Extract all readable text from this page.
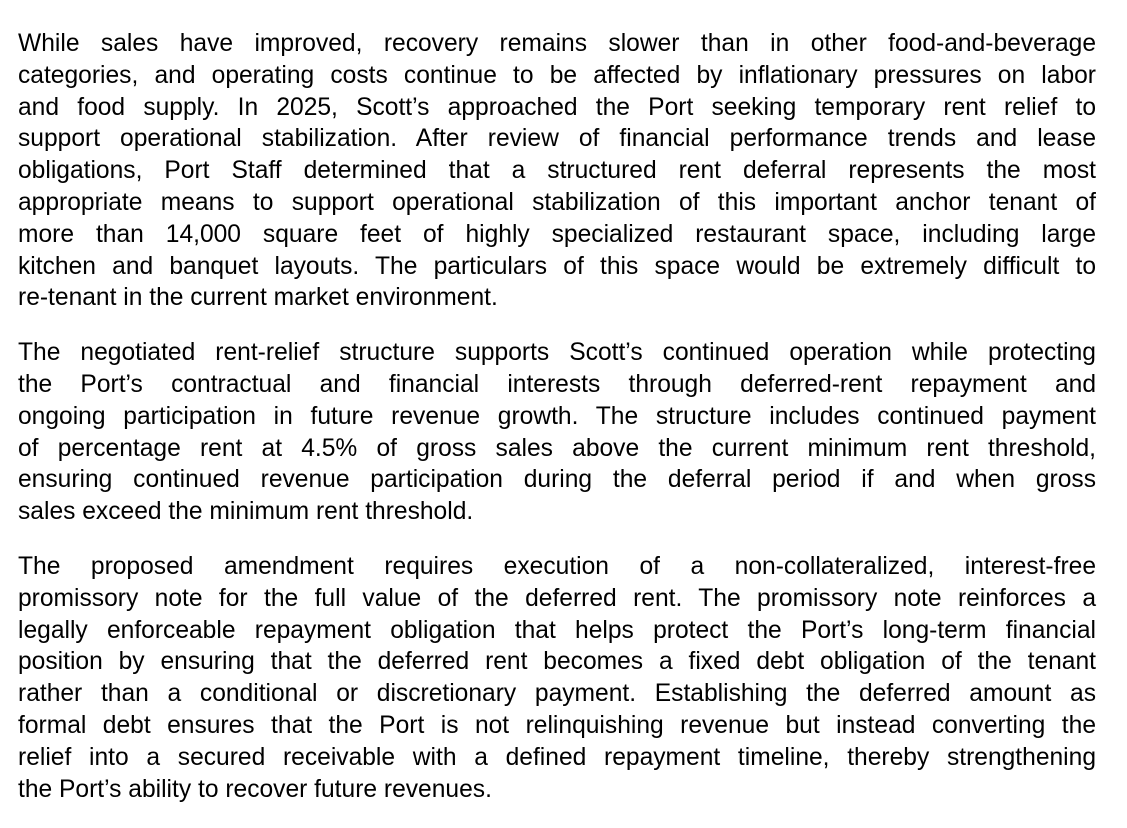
While sales have improved, recovery remains slower than in other food-and-beverage
categories, and operating costs continue to be affected by inflationary pressures on labor
and food supply. In 2025, Scott’s approached the Port seeking temporary rent relief to
support operational stabilization. After review of financial performance trends and lease
obligations, Port Staff determined that a structured rent deferral represents the most
appropriate means to support operational stabilization of this important anchor tenant of
more than 14,000 square feet of highly specialized restaurant space, including large
kitchen and banquet layouts. The particulars of this space would be extremely difficult to
re-tenant in the current market environment.

The negotiated rent-relief structure supports Scott’s continued operation while protecting
the Port’s contractual and financial interests through deferred-rent repayment and
ongoing participation in future revenue growth. The structure includes continued payment
of percentage rent at 4.5% of gross sales above the current minimum rent threshold,
ensuring continued revenue participation during the deferral period if and when gross
sales exceed the minimum rent threshold.

The proposed amendment requires execution of a non-collateralized, interest-free
promissory note for the full value of the deferred rent. The promissory note reinforces a
legally enforceable repayment obligation that helps protect the Port’s long-term financial
position by ensuring that the deferred rent becomes a fixed debt obligation of the tenant
rather than a conditional or discretionary payment. Establishing the deferred amount as
formal debt ensures that the Port is not relinquishing revenue but instead converting the
relief into a secured receivable with a defined repayment timeline, thereby strengthening
the Port’s ability to recover future revenues.
